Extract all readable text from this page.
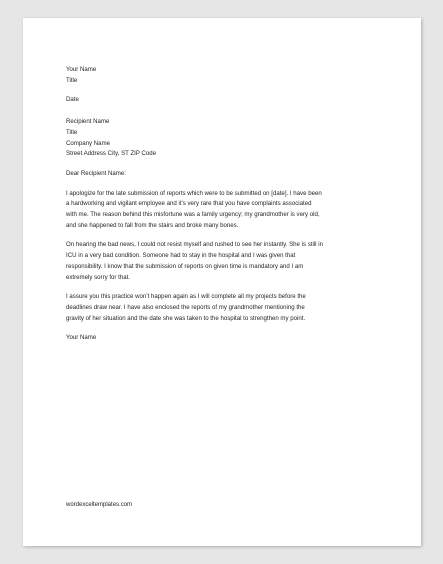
Your Name
Title
Date
Recipient Name
Title
Company Name
Street Address City, ST ZIP Code
Dear Recipient Name:
I apologize for the late submission of reports which were to be submitted on [date]. I have been
a hardworking and vigilant employee and it’s very rare that you have complaints associated
with me. The reason behind this misfortune was a family urgency; my grandmother is very old,
and she happened to fall from the stairs and broke many bones.
On hearing the bad news, I could not resist myself and rushed to see her instantly. She is still in
ICU in a very bad condition. Someone had to stay in the hospital and I was given that
responsibility. I know that the submission of reports on given time is mandatory and I am
extremely sorry for that.
I assure you this practice won’t happen again as I will complete all my projects before the
deadlines draw near. I have also enclosed the reports of my grandmother mentioning the
gravity of her situation and the date she was taken to the hospital to strengthen my point.
Your Name
wordexceltemplates.com
